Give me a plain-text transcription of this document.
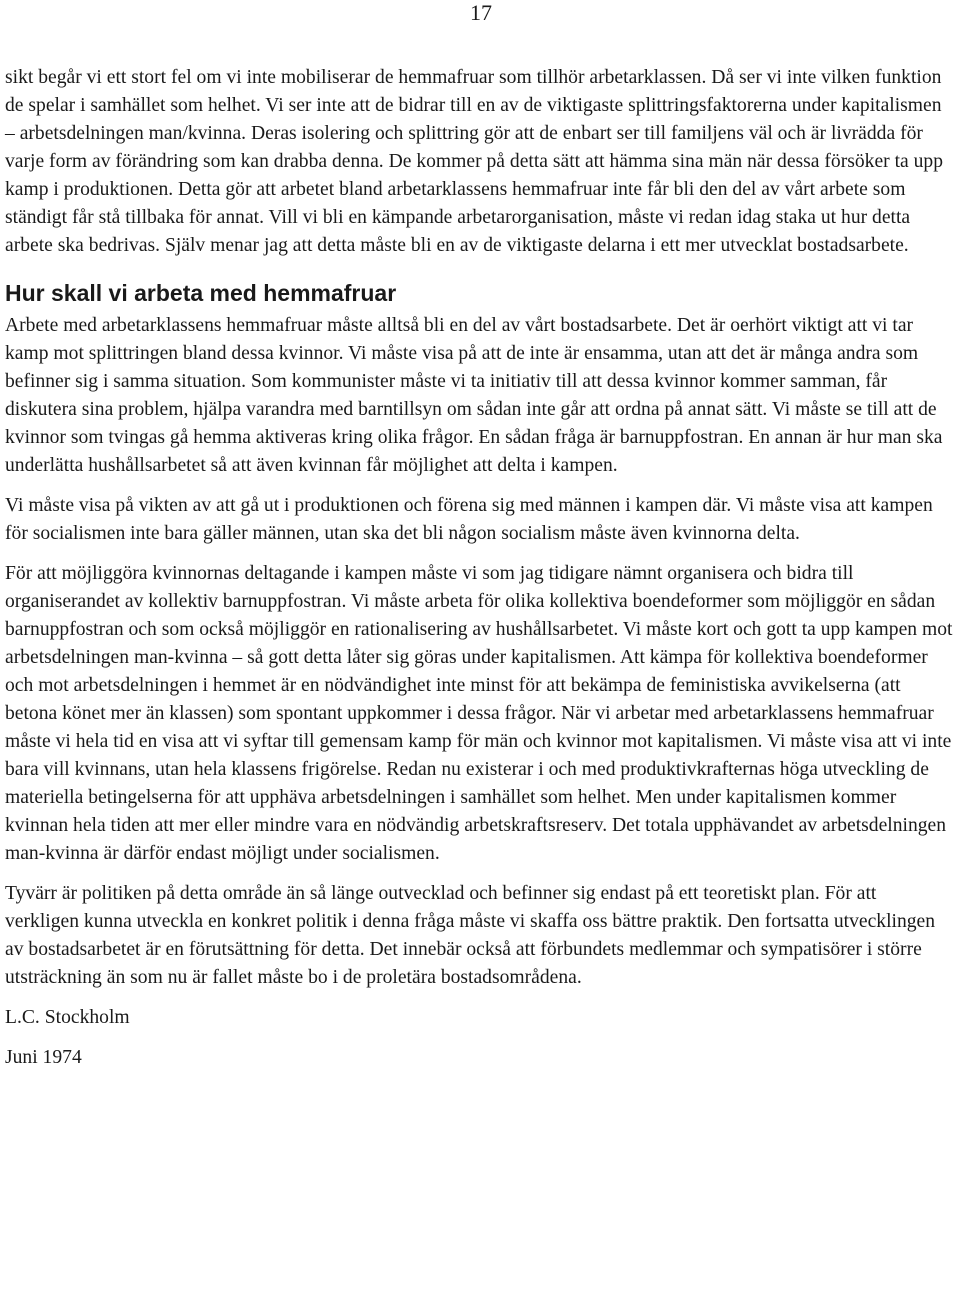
17

sikt begår vi ett stort fel om vi inte mobiliserar de hemmafruar som tillhör arbetarklassen. Då ser vi inte vilken funktion de spelar i samhället som helhet. Vi ser inte att de bidrar till en av de viktigaste splittringsfaktorerna under kapitalismen – arbetsdelningen man/kvinna. Deras isolering och splittring gör att de enbart ser till familjens väl och är livrädda för varje form av förändring som kan drabba denna. De kommer på detta sätt att hämma sina män när dessa försöker ta upp kamp i produktionen. Detta gör att arbetet bland arbetarklassens hemmafruar inte får bli den del av vårt arbete som ständigt får stå tillbaka för annat. Vill vi bli en kämpande arbetarorganisation, måste vi redan idag staka ut hur detta arbete ska bedrivas. Själv menar jag att detta måste bli en av de viktigaste delarna i ett mer utvecklat bostadsarbete.

Hur skall vi arbeta med hemmafruar

Arbete med arbetarklassens hemmafruar måste alltså bli en del av vårt bostadsarbete. Det är oerhört viktigt att vi tar kamp mot splittringen bland dessa kvinnor. Vi måste visa på att de inte är ensamma, utan att det är många andra som befinner sig i samma situation. Som kommunister måste vi ta initiativ till att dessa kvinnor kommer samman, får diskutera sina problem, hjälpa varandra med barntillsyn om sådan inte går att ordna på annat sätt. Vi måste se till att de kvinnor som tvingas gå hemma aktiveras kring olika frågor. En sådan fråga är barnuppfostran. En annan är hur man ska underlätta hushållsarbetet så att även kvinnan får möjlighet att delta i kampen.

Vi måste visa på vikten av att gå ut i produktionen och förena sig med männen i kampen där. Vi måste visa att kampen för socialismen inte bara gäller männen, utan ska det bli någon socialism måste även kvinnorna delta.

För att möjliggöra kvinnornas deltagande i kampen måste vi som jag tidigare nämnt organisera och bidra till organiserandet av kollektiv barnuppfostran. Vi måste arbeta för olika kollektiva boendeformer som möjliggör en sådan barnuppfostran och som också möjliggör en rationalisering av hushållsarbetet. Vi måste kort och gott ta upp kampen mot arbetsdelningen man-kvinna – så gott detta låter sig göras under kapitalismen. Att kämpa för kollektiva boendeformer och mot arbetsdelningen i hemmet är en nödvändighet inte minst för att bekämpa de feministiska avvikelserna (att betona könet mer än klassen) som spontant uppkommer i dessa frågor. När vi arbetar med arbetarklassens hemmafruar måste vi hela tid en visa att vi syftar till gemensam kamp för män och kvinnor mot kapitalismen. Vi måste visa att vi inte bara vill kvinnans, utan hela klassens frigörelse. Redan nu existerar i och med produktivkrafternas höga utveckling de materiella betingelserna för att upphäva arbetsdelningen i samhället som helhet. Men under kapitalismen kommer kvinnan hela tiden att mer eller mindre vara en nödvändig arbetskraftsreserv. Det totala upphävandet av arbetsdelningen man-kvinna är därför endast möjligt under socialismen.

Tyvärr är politiken på detta område än så länge outvecklad och befinner sig endast på ett teoretiskt plan. För att verkligen kunna utveckla en konkret politik i denna fråga måste vi skaffa oss bättre praktik. Den fortsatta utvecklingen av bostadsarbetet är en förutsättning för detta. Det innebär också att förbundets medlemmar och sympatisörer i större utsträckning än som nu är fallet måste bo i de proletära bostadsområdena.

L.C. Stockholm

Juni 1974
